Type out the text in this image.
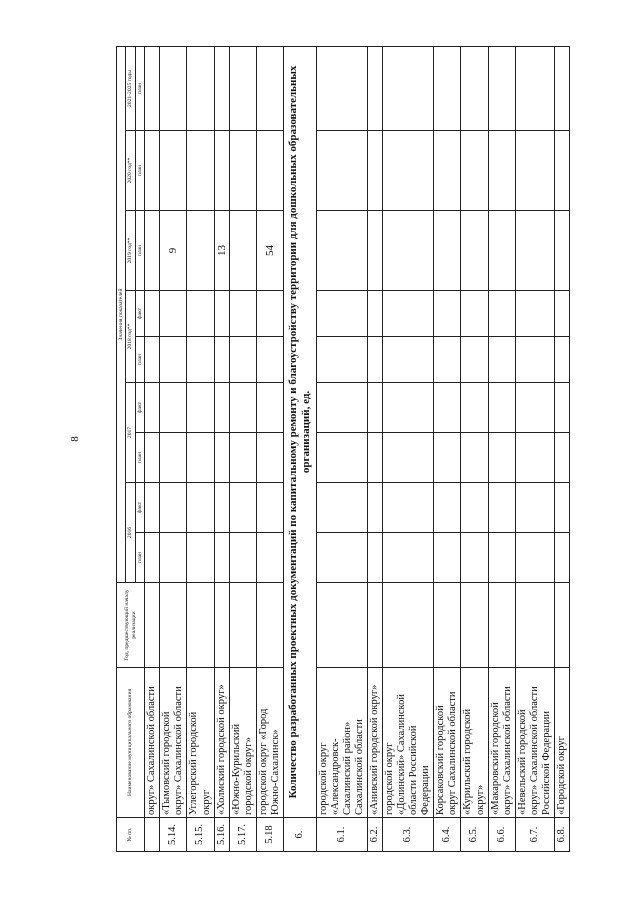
8
№ пп.	Наименование муниципального образования	Год, предшествующий началу реализации	Значения показателей								
			2016		2017		2018 год**		2019 год**	2020 год**	2021-2025 годы
			план	факт	план	факт	план	факт	план	план	план

	округ» Сахалинской области										

5.14.	«Тымовский городской округ» Сахалинской области								9		
5.15.	Углегорский городской округ										

5.16.	«Холмский городской округ»								13		
5.17.	«Южно-Курильский городской округ»										

5.18	городской округ «Город Южно-Сахалинск»								54		
6.	Количество разработанных проектных документаций по капитальному ремонту и благоустройству территории для дошкольных образовательных организаций, ед.										
6.1.	городской округ «Александровск- Сахалинский район» Сахалинской области										

6.2.	«Анивский городской округ»										

6.3.	городской округ «Долинский» Сахалинской области Российской Федерации										

6.4.	Корсаковский городской округ Сахалинской области										

6.5.	«Курильский городской округ»										

6.6.	«Макаровский городской округ» Сахалинской области										

6.7.	«Невельский городской округ» Сахалинской области Российской Федерации										

6.8.	«Городской округ										
